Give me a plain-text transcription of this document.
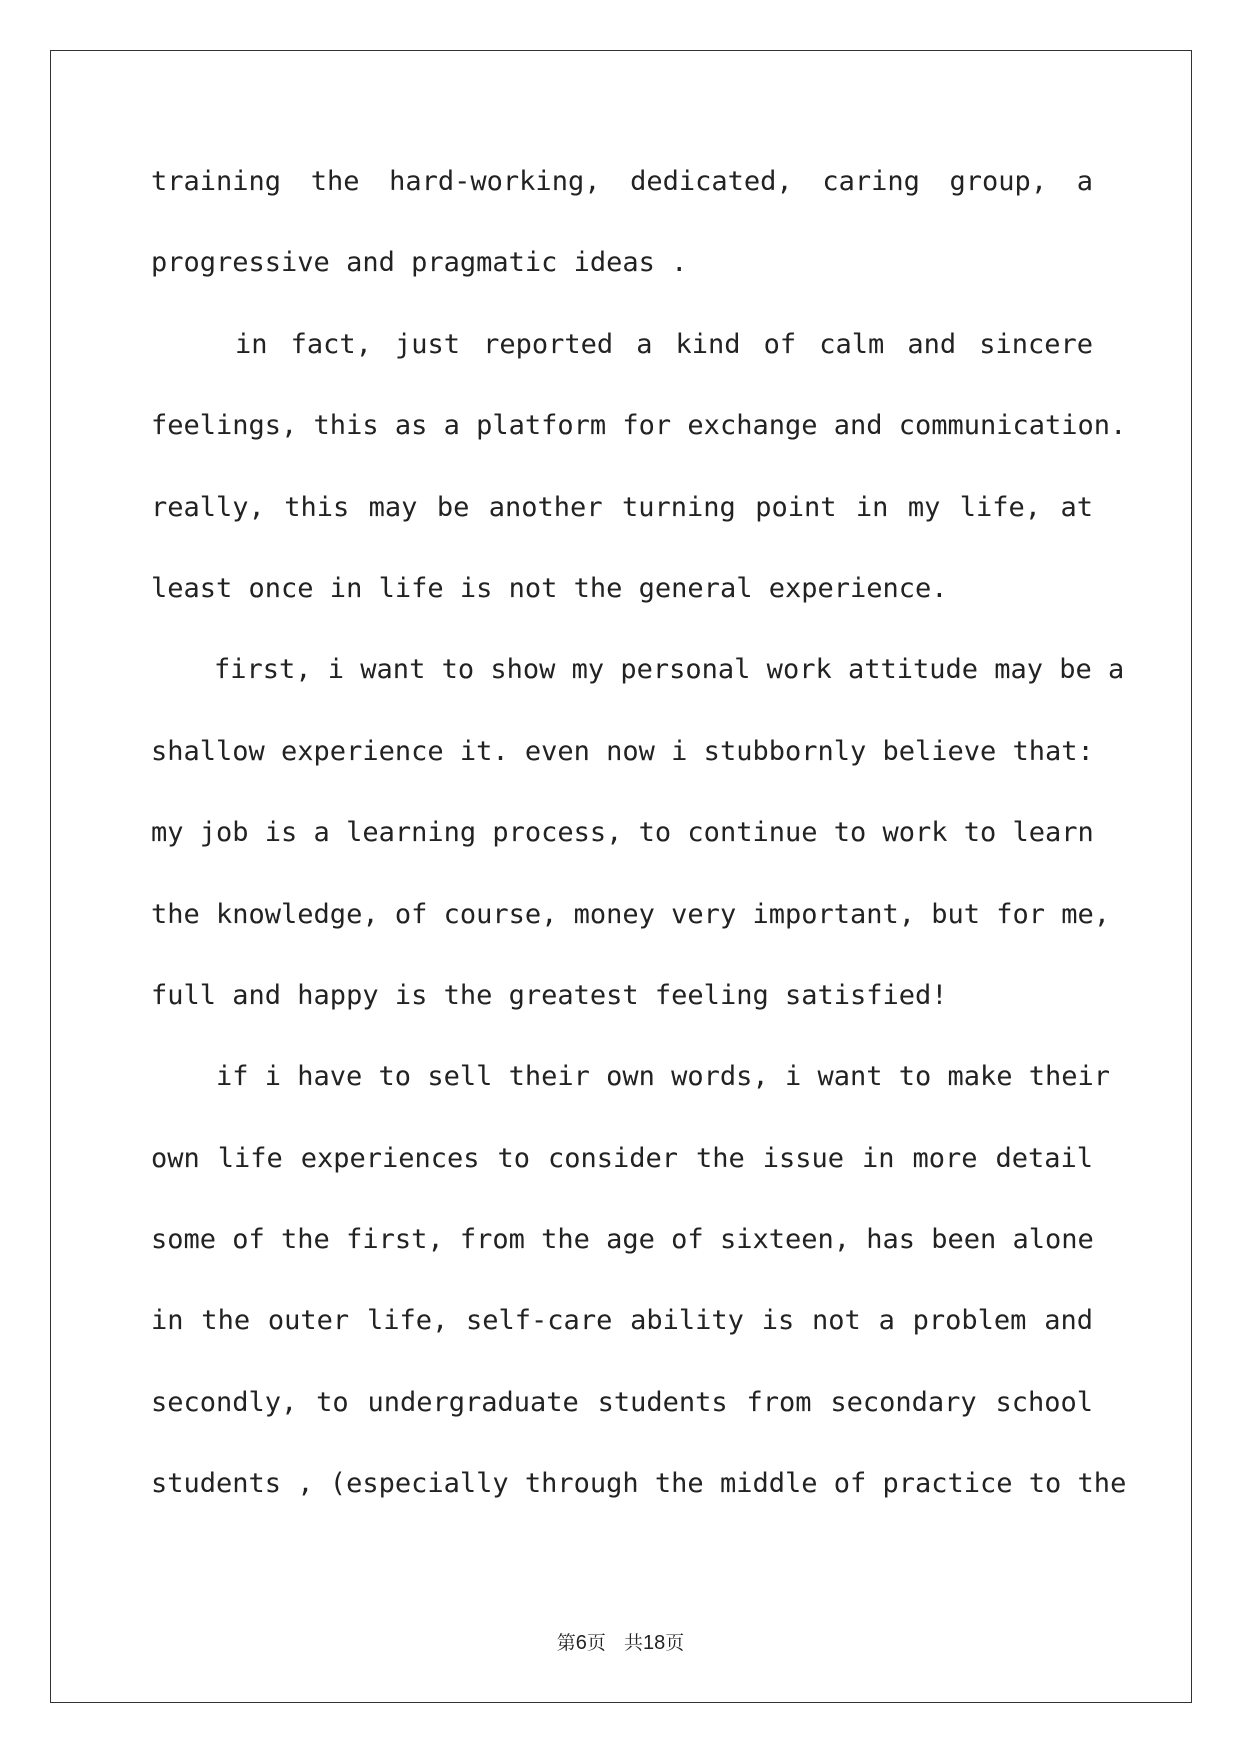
training the hard-working, dedicated, caring group, a
progressive and pragmatic ideas .
in fact, just reported a kind of calm and sincere
feelings, this as a platform for exchange and communication.
really, this may be another turning point in my life, at
least once in life is not the general experience.
first, i want to show my personal work attitude may be a
shallow experience it. even now i stubbornly believe that:
my job is a learning process, to continue to work to learn
the knowledge, of course, money very important, but for me,
full and happy is the greatest feeling satisfied!
if i have to sell their own words, i want to make their
own life experiences to consider the issue in more detail
some of the first, from the age of sixteen, has been alone
in the outer life, self-care ability is not a problem and
secondly, to undergraduate students from secondary school
students , (especially through the middle of practice to the
第6页 共18页
